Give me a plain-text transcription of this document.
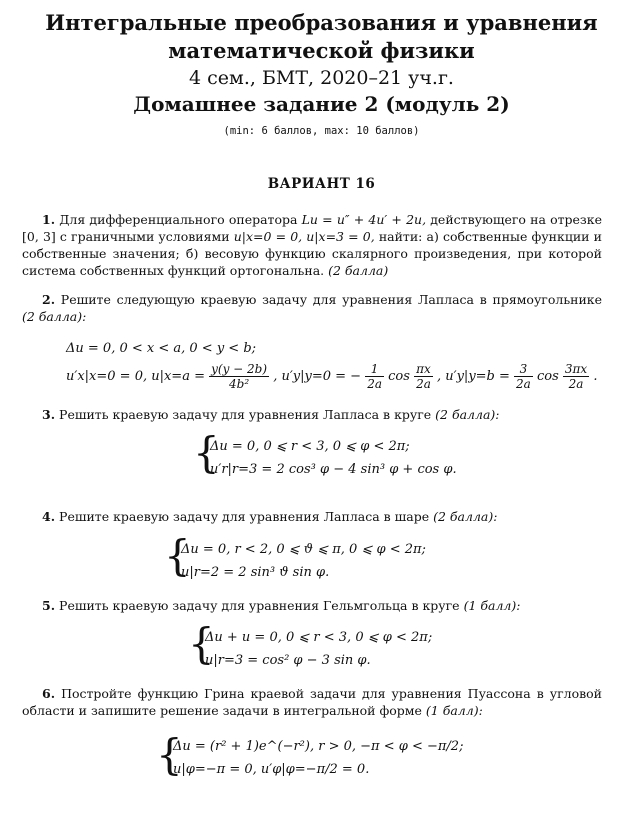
Интегральные преобразования и уравнения
математической физики
4 сем., БМТ, 2020–21 уч.г.
Домашнее задание 2 (модуль 2)
(min: 6 баллов, max: 10 баллов)
ВАРИАНТ 16
1. Для дифференциального оператора Lu = u″ + 4u′ + 2u, действующего на отрезке [0, 3] с граничными условиями u|x=0 = 0, u|x=3 = 0, найти: а) собственные функции и собственные значения; б) весовую функцию скалярного произведения, при которой система собственных функций ортогональна. (2 балла)
2. Решите следующую краевую задачу для уравнения Лапласа в прямоугольнике (2 балла):
Δu = 0, 0 < x < a, 0 < y < b;
u′x|x=0 = 0, $u|x=a = \frac{y(y - 2b)}{\text{4b²}}$ , u′y|y=0 = − $\frac{1}{2a}$ $\cos \frac{\pi x}{2a}$ , $u'y|y=b = \frac{3}{2a}$ $\cos \frac{3\pi x}{2a}$ .
3. Решить краевую задачу для уравнения Лапласа в круге (2 балла):
{
Δu = 0, 0 ⩽ r < 3, 0 ⩽ φ < 2π;
u′r|r=3 = 2 cos³ φ − 4 sin³ φ + cos φ.
4. Решите краевую задачу для уравнения Лапласа в шаре (2 балла):
{
Δu = 0, r < 2, 0 ⩽ ϑ ⩽ π, 0 ⩽ φ < 2π;
u|r=2 = 2 sin³ ϑ sin φ.
5. Решить краевую задачу для уравнения Гельмгольца в круге (1 балл):
{
Δu + u = 0, 0 ⩽ r < 3, 0 ⩽ φ < 2π;
u|r=3 = cos² φ − 3 sin φ.
6. Постройте функцию Грина краевой задачи для уравнения Пуассона в угловой области и запишите решение задачи в интегральной форме (1 балл):
{
Δu = (r² + 1)e^(−r²), r > 0, −π < φ < −π/2;
u|φ=−π = 0, u′φ|φ=−π/2 = 0.
